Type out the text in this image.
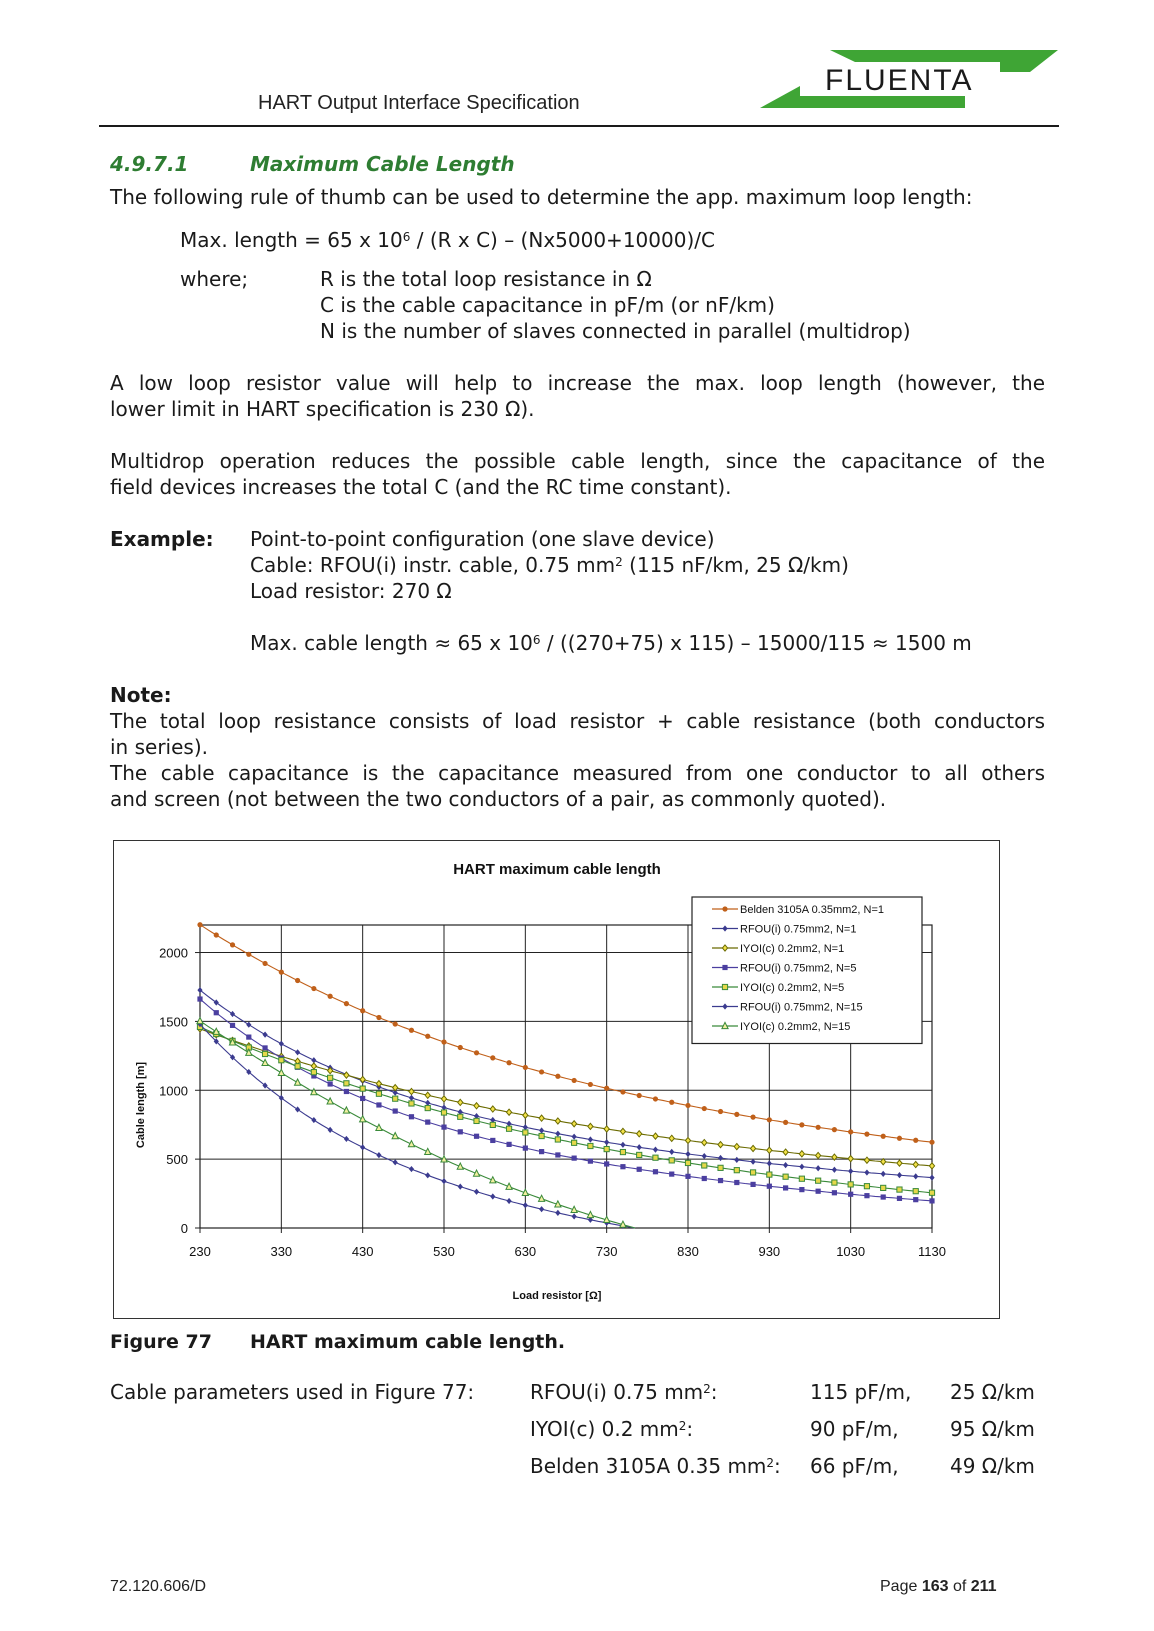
HART Output Interface Specification
FLUENTA
4.9.7.1	Maximum Cable Length
The following rule of thumb can be used to determine the app. maximum loop length:
Max. length = 65 x $10^6 / (R$ x C) – (Nx5000+10000)/C
where;	R is the total loop resistance in Ω
C is the cable capacitance in pF/m (or nF/km)
N is the number of slaves connected in parallel (multidrop)
A low loop resistor value will help to increase the max. loop length (however, the
lower limit in HART specification is 230 Ω).
Multidrop operation reduces the possible cable length, since the capacitance of the
field devices increases the total C (and the RC time constant).
Example: Point-to-point configuration (one slave device)
Cable: RFOU(i) instr. cable, 0.75 $mm^2$ (115 nF/km, 25 Ω/km)
Load resistor: 270 Ω
Max. cable length ≈ 65 x $10^6 / ((270+75)$ x 115) – 15000/115 ≈ 1500 m
Note:
The total loop resistance consists of load resistor + cable resistance (both conductors
in series).
The cable capacitance is the capacitance measured from one conductor to all others
and screen (not between the two conductors of a pair, as commonly quoted).
HART maximum cable length
230	330	430	530	630	730	830	930	1030	1130
0
500
1000
1500
2000
Load resistor [Ω]
Cable length [m]
Belden 3105A 0.35mm2, N=1
RFOU(i) 0.75mm2, N=1
IYOI(c) 0.2mm2, N=1
RFOU(i) 0.75mm2, N=5
IYOI(c) 0.2mm2, N=5
RFOU(i) 0.75mm2, N=15
IYOI(c) 0.2mm2, N=15
Figure 77 HART maximum cable length.
Cable parameters used in Figure 77:	RFOU(i) 0.75 $mm^2$:	115 pF/m, 25 Ω/km
IYOI(c) 0.2 $mm^2$:	90 pF/m,	95 Ω/km
Belden 3105A 0.35 $mm^2$: 66 pF/m,	49 Ω/km
72.120.606/D	Page 163 of 211
